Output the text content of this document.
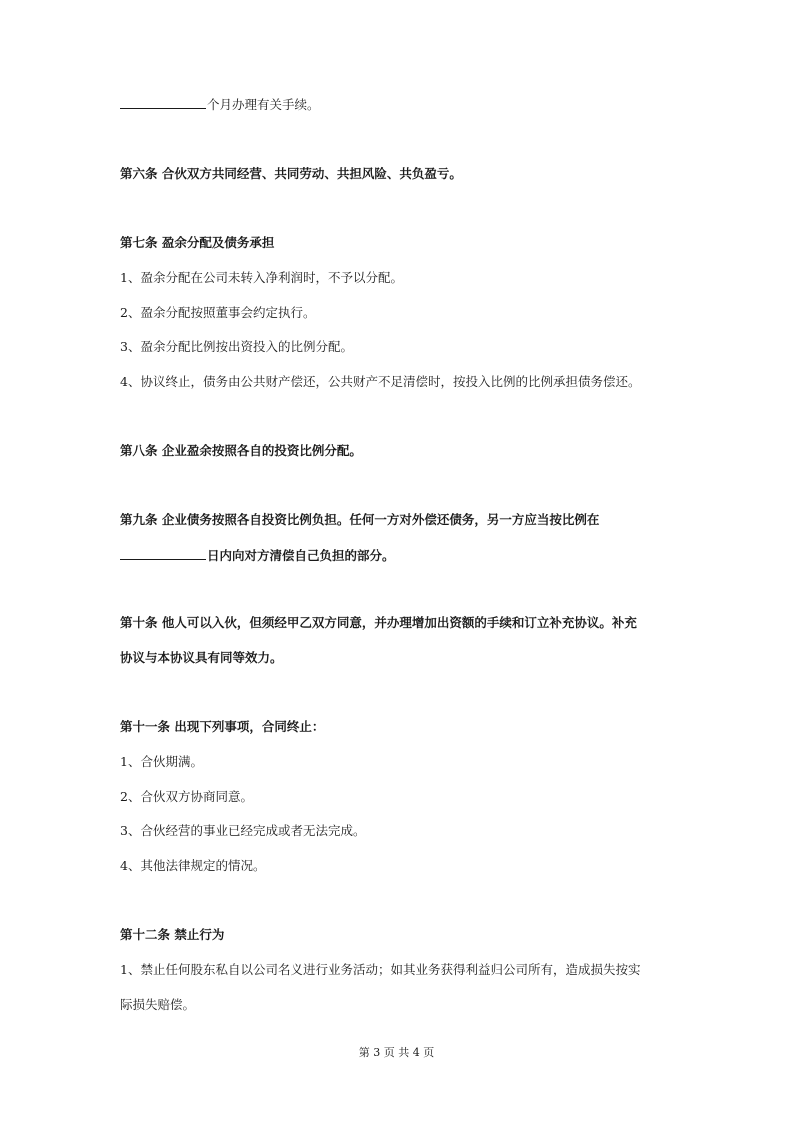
个月办理有关手续。
第六条 合伙双方共同经营、共同劳动、共担风险、共负盈亏。
第七条 盈余分配及债务承担
1、盈余分配在公司未转入净利润时，不予以分配。
2、盈余分配按照董事会约定执行。
3、盈余分配比例按出资投入的比例分配。
4、协议终止，债务由公共财产偿还，公共财产不足清偿时，按投入比例的比例承担债务偿还。
第八条 企业盈余按照各自的投资比例分配。
第九条 企业债务按照各自投资比例负担。任何一方对外偿还债务，另一方应当按比例在
日内向对方清偿自己负担的部分。
第十条 他人可以入伙，但须经甲乙双方同意，并办理增加出资额的手续和订立补充协议。补充
协议与本协议具有同等效力。
第十一条 出现下列事项，合同终止：
1、合伙期满。
2、合伙双方协商同意。
3、合伙经营的事业已经完成或者无法完成。
4、其他法律规定的情况。
第十二条 禁止行为
1、禁止任何股东私自以公司名义进行业务活动；如其业务获得利益归公司所有，造成损失按实
际损失赔偿。
第 3 页 共 4 页
